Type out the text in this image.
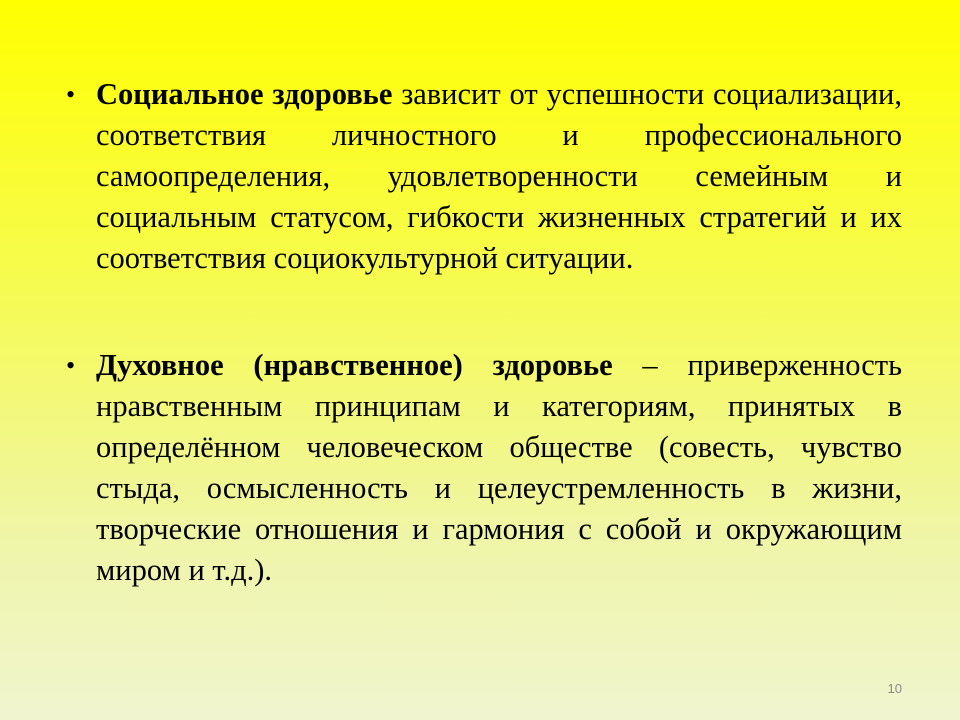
• Социальное здоровье зависит от успешности социализации, соответствия личностного и профессионального самоопределения, удовлетворенности семейным и социальным статусом, гибкости жизненных стратегий и их соответствия социокультурной ситуации.
• Духовное (нравственное) здоровье – приверженность нравственным принципам и категориям, принятых в определённом человеческом обществе (совесть, чувство стыда, осмысленность и целеустремленность в жизни, творческие отношения и гармония с собой и окружающим миром и т.д.).
10
